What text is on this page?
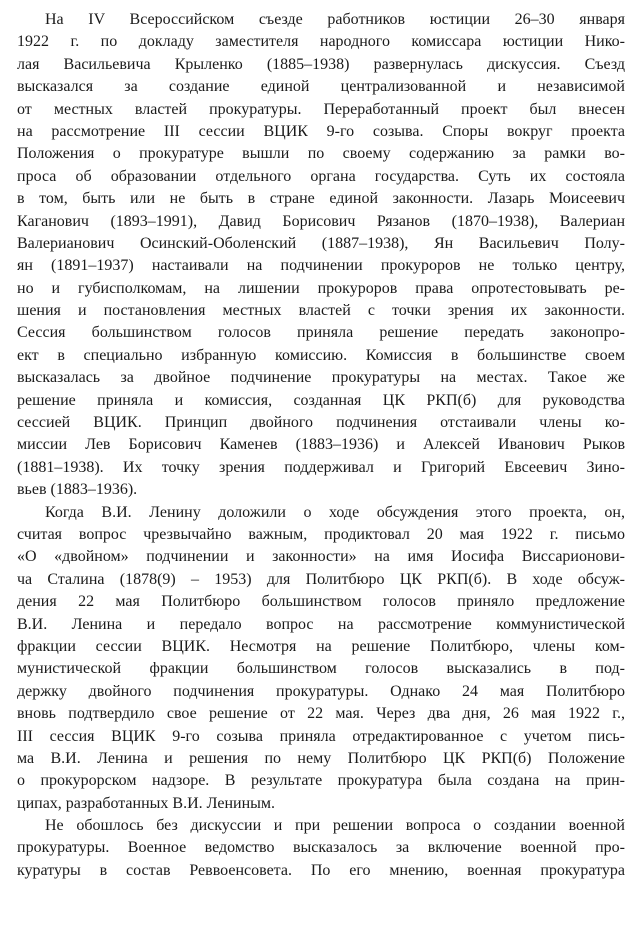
На IV Всероссийском съезде работников юстиции 26–30 января
1922 г. по докладу заместителя народного комиссара юстиции Нико-
лая Васильевича Крыленко (1885–1938) развернулась дискуссия. Съезд
высказался за создание единой централизованной и независимой
от местных властей прокуратуры. Переработанный проект был внесен
на рассмотрение III сессии ВЦИК 9-го созыва. Споры вокруг проекта
Положения о прокуратуре вышли по своему содержанию за рамки во-
проса об образовании отдельного органа государства. Суть их состояла
в том, быть или не быть в стране единой законности. Лазарь Моисеевич
Каганович (1893–1991), Давид Борисович Рязанов (1870–1938), Валериан
Валерианович Осинский-Оболенский (1887–1938), Ян Васильевич Полу-
ян (1891–1937) настаивали на подчинении прокуроров не только центру,
но и губисполкомам, на лишении прокуроров права опротестовывать ре-
шения и постановления местных властей с точки зрения их законности.
Сессия большинством голосов приняла решение передать законопро-
ект в специально избранную комиссию. Комиссия в большинстве своем
высказалась за двойное подчинение прокуратуры на местах. Такое же
решение приняла и комиссия, созданная ЦК РКП(б) для руководства
сессией ВЦИК. Принцип двойного подчинения отстаивали члены ко-
миссии Лев Борисович Каменев (1883–1936) и Алексей Иванович Рыков
(1881–1938). Их точку зрения поддерживал и Григорий Евсеевич Зино-
вьев (1883–1936).
Когда В.И. Ленину доложили о ходе обсуждения этого проекта, он,
считая вопрос чрезвычайно важным, продиктовал 20 мая 1922 г. письмо
«О «двойном» подчинении и законности» на имя Иосифа Виссарионови-
ча Сталина (1878(9) – 1953) для Политбюро ЦК РКП(б). В ходе обсуж-
дения 22 мая Политбюро большинством голосов приняло предложение
В.И. Ленина и передало вопрос на рассмотрение коммунистической
фракции сессии ВЦИК. Несмотря на решение Политбюро, члены ком-
мунистической фракции большинством голосов высказались в под-
держку двойного подчинения прокуратуры. Однако 24 мая Политбюро
вновь подтвердило свое решение от 22 мая. Через два дня, 26 мая 1922 г.,
III сессия ВЦИК 9-го созыва приняла отредактированное с учетом пись-
ма В.И. Ленина и решения по нему Политбюро ЦК РКП(б) Положение
о прокурорском надзоре. В результате прокуратура была создана на прин-
ципах, разработанных В.И. Лениным.
Не обошлось без дискуссии и при решении вопроса о создании военной
прокуратуры. Военное ведомство высказалось за включение военной про-
куратуры в состав Реввоенсовета. По его мнению, военная прокуратура
